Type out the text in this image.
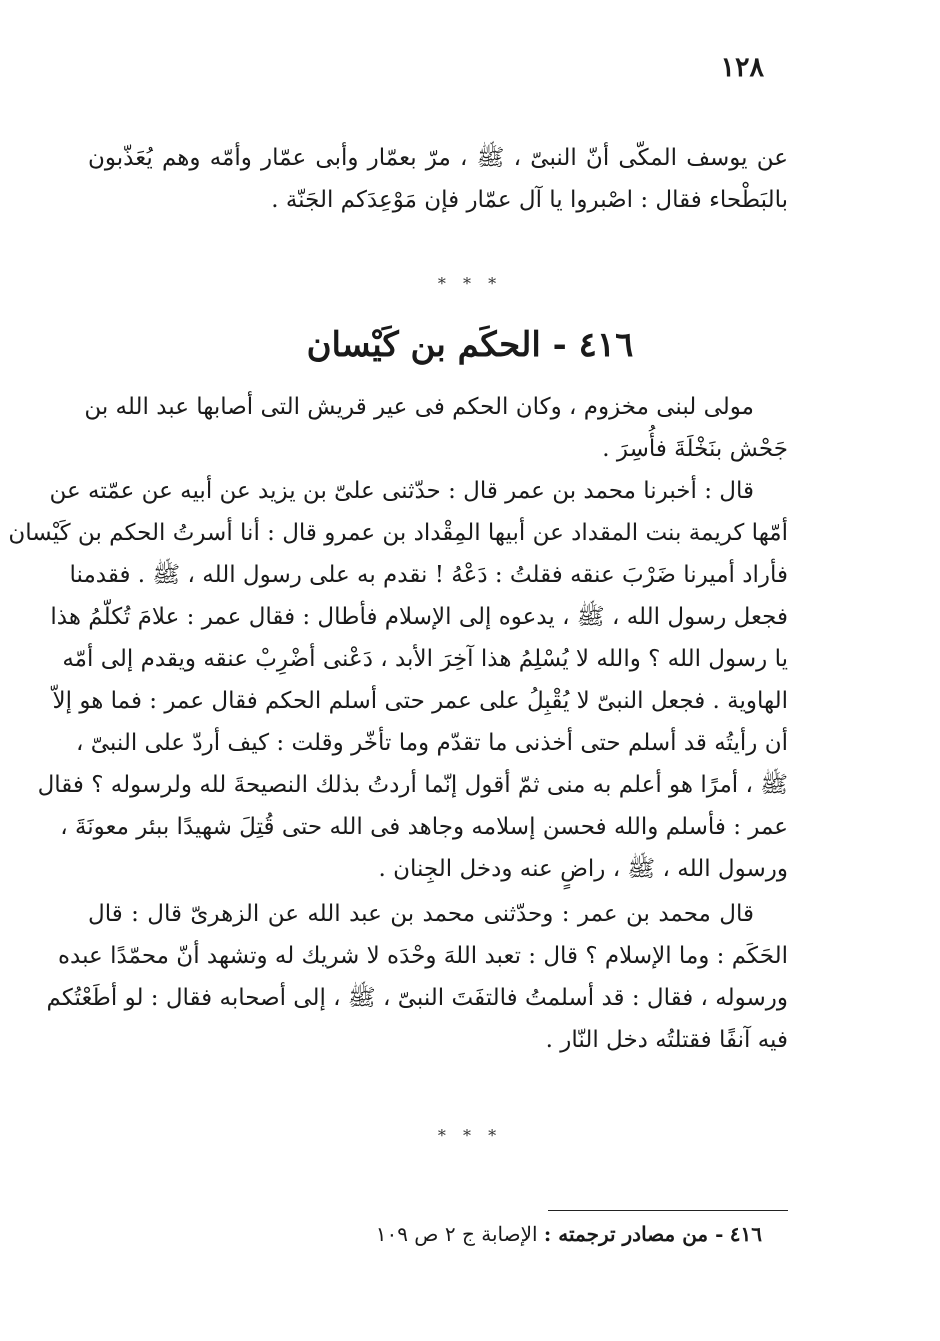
١٢٨
عن يوسف المكّى أنّ النبىّ ، ﷺ ، مرّ بعمّار وأبى عمّار وأمّه وهم يُعَذّبون
بالبَطْحاء فقال : اصْبروا يا آل عمّار فإن مَوْعِدَكم الجَنّة .
* * *
٤١٦ - الحكَم بن كَيْسان
مولى لبنى مخزوم ، وكان الحكم فى عير قريش التى أصابها عبد الله بن
جَحْش بنَخْلَةَ فأُسِرَ .
قال : أخبرنا محمد بن عمر قال : حدّثنى علىّ بن يزيد عن أبيه عن عمّته عن
أمّها كريمة بنت المقداد عن أبيها المِقْداد بن عمرو قال : أنا أسرتُ الحكم بن كَيْسان
فأراد أميرنا ضَرْبَ عنقه فقلتُ : دَعْهُ ! نقدم به على رسول الله ، ﷺ . فقدمنا
فجعل رسول الله ، ﷺ ، يدعوه إلى الإسلام فأطال : فقال عمر : علامَ تُكلّمُ هذا
يا رسول الله ؟ والله لا يُسْلِمُ هذا آخِرَ الأبد ، دَعْنى أضْرِبْ عنقه ويقدم إلى أمّه
الهاوية . فجعل النبىّ لا يُقْبِلُ على عمر حتى أسلم الحكم فقال عمر : فما هو إلاّ
أن رأيتُه قد أسلم حتى أخذنى ما تقدّم وما تأخّر وقلت : كيف أردّ على النبىّ ،
ﷺ ، أمرًا هو أعلم به منى ثمّ أقول إنّما أردتُ بذلك النصيحةَ لله ولرسوله ؟ فقال
عمر : فأسلم والله فحسن إسلامه وجاهد فى الله حتى قُتِلَ شهيدًا ببئر معونَةَ ،
ورسول الله ، ﷺ ، راضٍ عنه ودخل الجِنان .
قال محمد بن عمر : وحدّثنى محمد بن عبد الله عن الزهرىّ قال : قال
الحَكَم : وما الإسلام ؟ قال : تعبد اللهَ وحْدَه لا شريك له وتشهد أنّ محمّدًا عبده
ورسوله ، فقال : قد أسلمتُ فالتفَتَ النبىّ ، ﷺ ، إلى أصحابه فقال : لو أطَعْتُكم
فيه آنفًا فقتلتُه دخل النّار .
* * *
٤١٦ - من مصادر ترجمته : الإصابة ج ٢ ص ١٠٩
